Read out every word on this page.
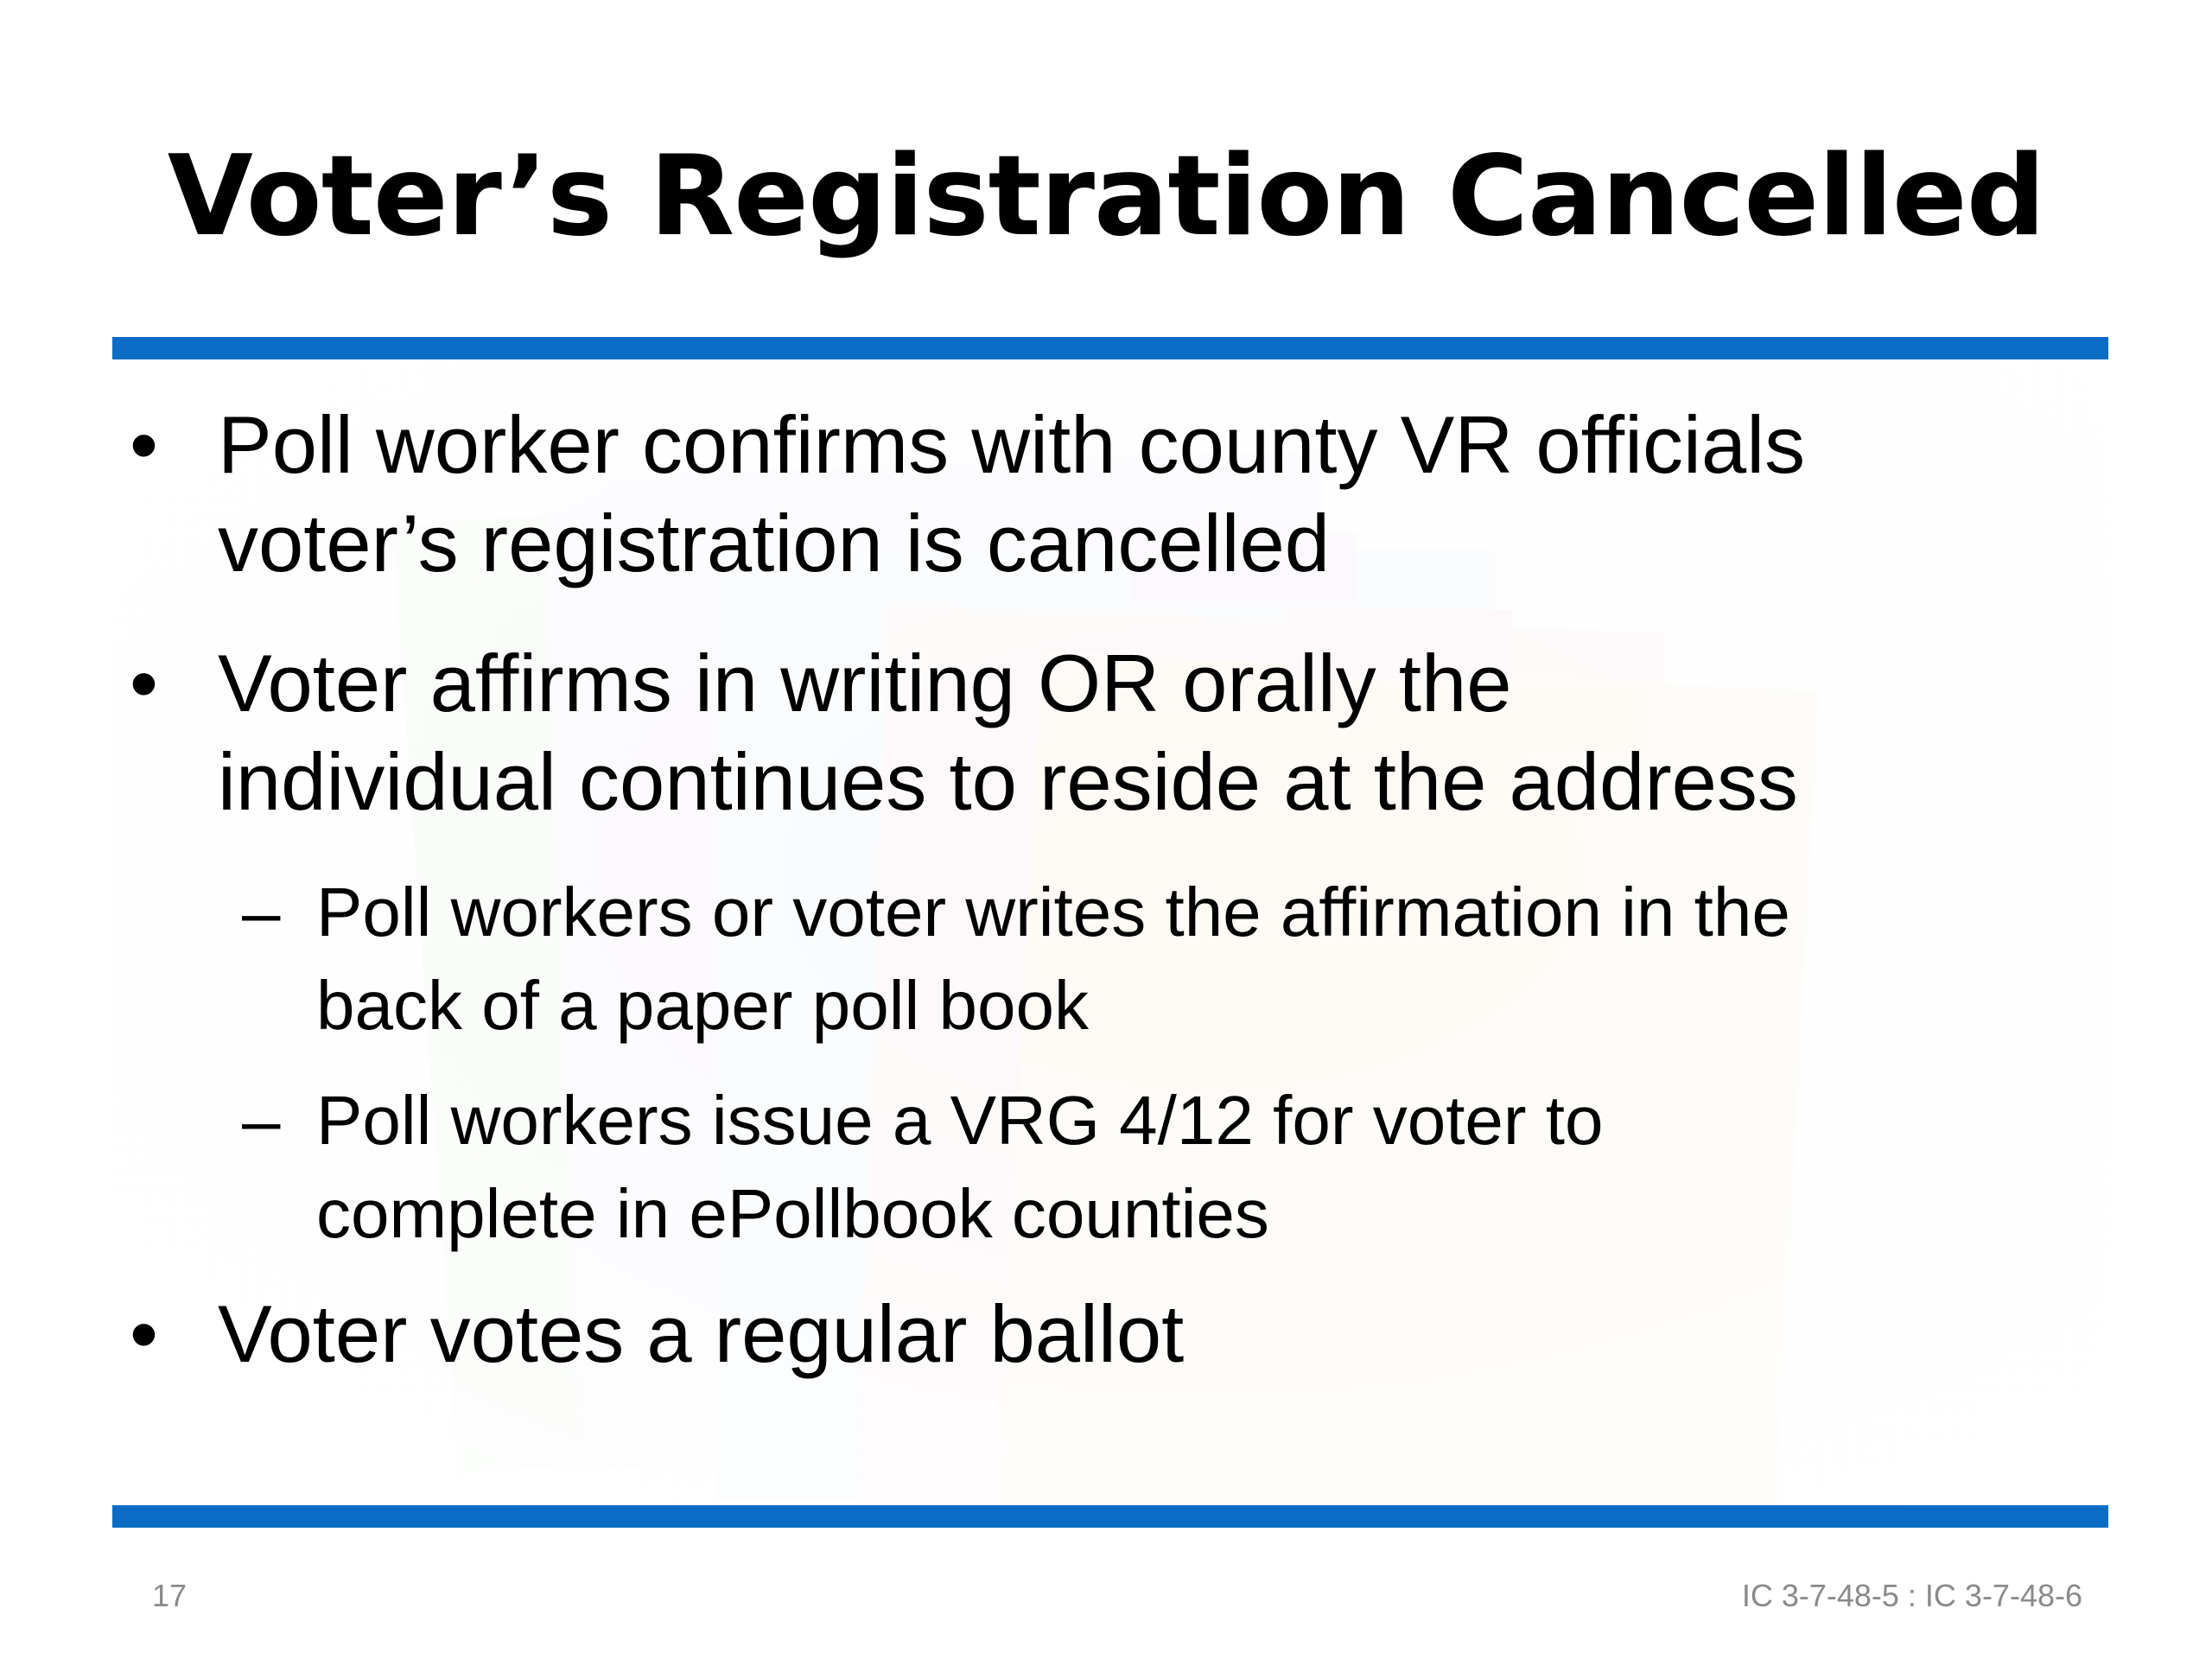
Voter’s Registration Cancelled
• Poll worker confirms with county VR officials
voter’s registration is cancelled
• Voter affirms in writing OR orally the
individual continues to reside at the address
– Poll workers or voter writes the affirmation in the
back of a paper poll book
– Poll workers issue a VRG 4/12 for voter to
complete in ePollbook counties
• Voter votes a regular ballot
17	IC 3-7-48-5 : IC 3-7-48-6
